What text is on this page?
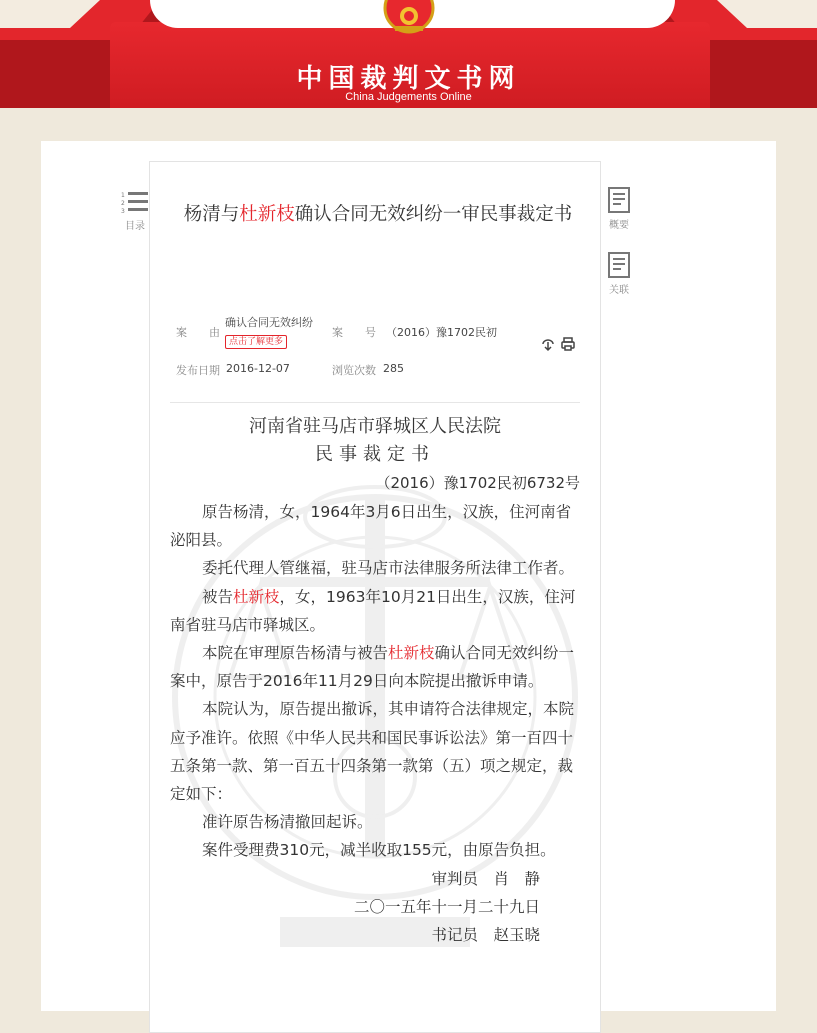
中国裁判文书网
China Judgements Online
1
2
3
目录	概要
关联
杨清与杜新枝确认合同无效纠纷一审民事裁定书
案　　由
确认合同无效纠纷
点击了解更多
案　　号 （2016）豫1702民初
发布日期 2016-12-07	浏览次数 285
河南省驻马店市驿城区人民法院
民事裁定书
（2016）豫1702民初6732号

原告杨清，女，1964年3月6日出生，汉族，住河南省泌阳县。

委托代理人管继福，驻马店市法律服务所法律工作者。

被告杜新枝，女，1963年10月21日出生，汉族，住河南省驻马店市驿城区。

本院在审理原告杨清与被告杜新枝确认合同无效纠纷一案中，原告于2016年11月29日向本院提出撤诉申请。

本院认为，原告提出撤诉，其申请符合法律规定，本院应予准许。依照《中华人民共和国民事诉讼法》第一百四十五条第一款、第一百五十四条第一款第（五）项之规定，裁定如下：

准许原告杨清撤回起诉。

案件受理费310元，减半收取155元，由原告负担。

审判员　肖　静

二〇一五年十一月二十九日

书记员　赵玉晓
